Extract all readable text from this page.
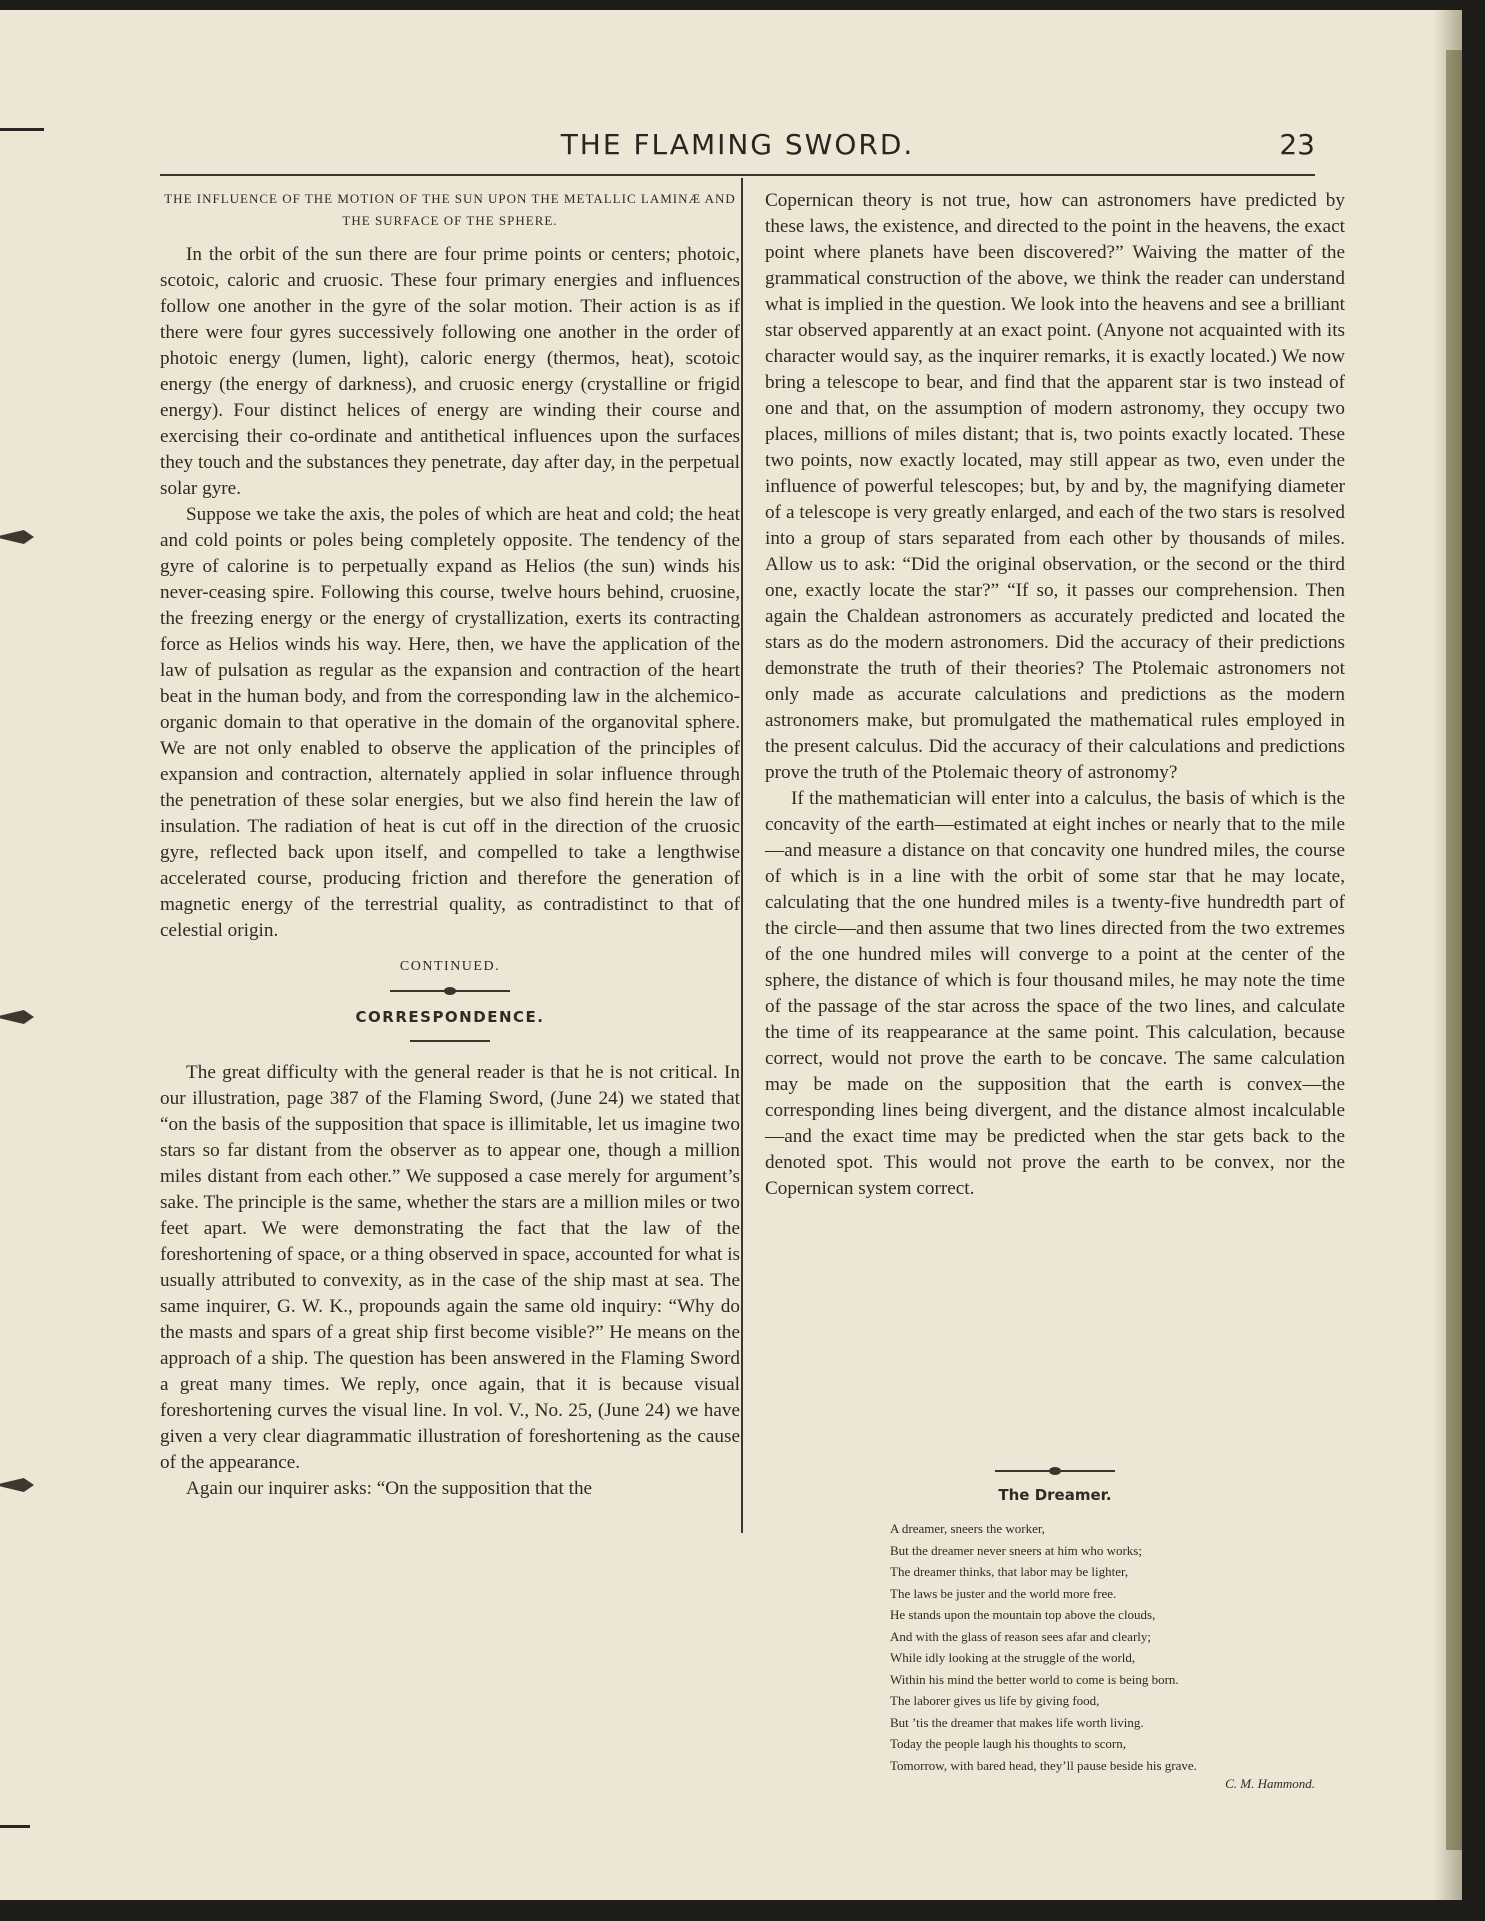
THE FLAMING SWORD.	23
THE INFLUENCE OF THE MOTION OF THE SUN UPON THE METALLIC LAMINÆ AND THE SURFACE OF THE SPHERE.

In the orbit of the sun there are four prime points or centers; photoic, scotoic, caloric and cruosic. These four primary energies and influences follow one another in the gyre of the solar motion. Their action is as if there were four gyres successively following one another in the order of photoic energy (lumen, light), caloric energy (thermos, heat), scotoic energy (the energy of darkness), and cruosic energy (crystalline or frigid energy). Four distinct helices of energy are winding their course and exercising their co-ordinate and antithetical influences upon the surfaces they touch and the substances they penetrate, day after day, in the perpetual solar gyre.

Suppose we take the axis, the poles of which are heat and cold; the heat and cold points or poles being completely opposite. The tendency of the gyre of calorine is to perpetually expand as Helios (the sun) winds his never-ceasing spire. Following this course, twelve hours behind, cruosine, the freezing energy or the energy of crystallization, exerts its contracting force as Helios winds his way. Here, then, we have the application of the law of pulsation as regular as the expansion and contraction of the heart beat in the human body, and from the corresponding law in the alchemico-organic domain to that operative in the domain of the organovital sphere. We are not only enabled to observe the application of the principles of expansion and contraction, alternately applied in solar influence through the penetration of these solar energies, but we also find herein the law of insulation. The radiation of heat is cut off in the direction of the cruosic gyre, reflected back upon itself, and compelled to take a lengthwise accelerated course, producing friction and therefore the generation of magnetic energy of the terrestrial quality, as contradistinct to that of celestial origin.

CONTINUED.
CORRESPONDENCE.

The great difficulty with the general reader is that he is not critical. In our illustration, page 387 of the Flaming Sword, (June 24) we stated that “on the basis of the supposition that space is illimitable, let us imagine two stars so far distant from the observer as to appear one, though a million miles distant from each other.” We supposed a case merely for argument’s sake. The principle is the same, whether the stars are a million miles or two feet apart. We were demonstrating the fact that the law of the foreshortening of space, or a thing observed in space, accounted for what is usually attributed to convexity, as in the case of the ship mast at sea. The same inquirer, G. W. K., propounds again the same old inquiry: “Why do the masts and spars of a great ship first become visible?” He means on the approach of a ship. The question has been answered in the Flaming Sword a great many times. We reply, once again, that it is because visual foreshortening curves the visual line. In vol. V., No. 25, (June 24) we have given a very clear diagrammatic illustration of foreshortening as the cause of the appearance.

Again our inquirer asks: “On the supposition that the

Copernican theory is not true, how can astronomers have predicted by these laws, the existence, and directed to the point in the heavens, the exact point where planets have been discovered?” Waiving the matter of the grammatical construction of the above, we think the reader can understand what is implied in the question. We look into the heavens and see a brilliant star observed apparently at an exact point. (Anyone not acquainted with its character would say, as the inquirer remarks, it is exactly located.) We now bring a telescope to bear, and find that the apparent star is two instead of one and that, on the assumption of modern astronomy, they occupy two places, millions of miles distant; that is, two points exactly located. These two points, now exactly located, may still appear as two, even under the influence of powerful telescopes; but, by and by, the magnifying diameter of a telescope is very greatly enlarged, and each of the two stars is resolved into a group of stars separated from each other by thousands of miles. Allow us to ask: “Did the original observation, or the second or the third one, exactly locate the star?” “If so, it passes our comprehension. Then again the Chaldean astronomers as accurately predicted and located the stars as do the modern astronomers. Did the accuracy of their predictions demonstrate the truth of their theories? The Ptolemaic astronomers not only made as accurate calculations and predictions as the modern astronomers make, but promulgated the mathematical rules employed in the present calculus. Did the accuracy of their calculations and predictions prove the truth of the Ptolemaic theory of astronomy?

If the mathematician will enter into a calculus, the basis of which is the concavity of the earth—estimated at eight inches or nearly that to the mile—and measure a distance on that concavity one hundred miles, the course of which is in a line with the orbit of some star that he may locate, calculating that the one hundred miles is a twenty-five hundredth part of the circle—and then assume that two lines directed from the two extremes of the one hundred miles will converge to a point at the center of the sphere, the distance of which is four thousand miles, he may note the time of the passage of the star across the space of the two lines, and calculate the time of its reappearance at the same point. This calculation, because correct, would not prove the earth to be concave. The same calculation may be made on the supposition that the earth is convex—the corresponding lines being divergent, and the distance almost incalculable—and the exact time may be predicted when the star gets back to the denoted spot. This would not prove the earth to be convex, nor the Copernican system correct.

The Dreamer.
A dreamer, sneers the worker,
But the dreamer never sneers at him who works;
The dreamer thinks, that labor may be lighter,
The laws be juster and the world more free.
He stands upon the mountain top above the clouds,
And with the glass of reason sees afar and clearly;
While idly looking at the struggle of the world,
Within his mind the better world to come is being born.
The laborer gives us life by giving food,
But ’tis the dreamer that makes life worth living.
Today the people laugh his thoughts to scorn,
Tomorrow, with bared head, they’ll pause beside his grave.
C. M. Hammond.
